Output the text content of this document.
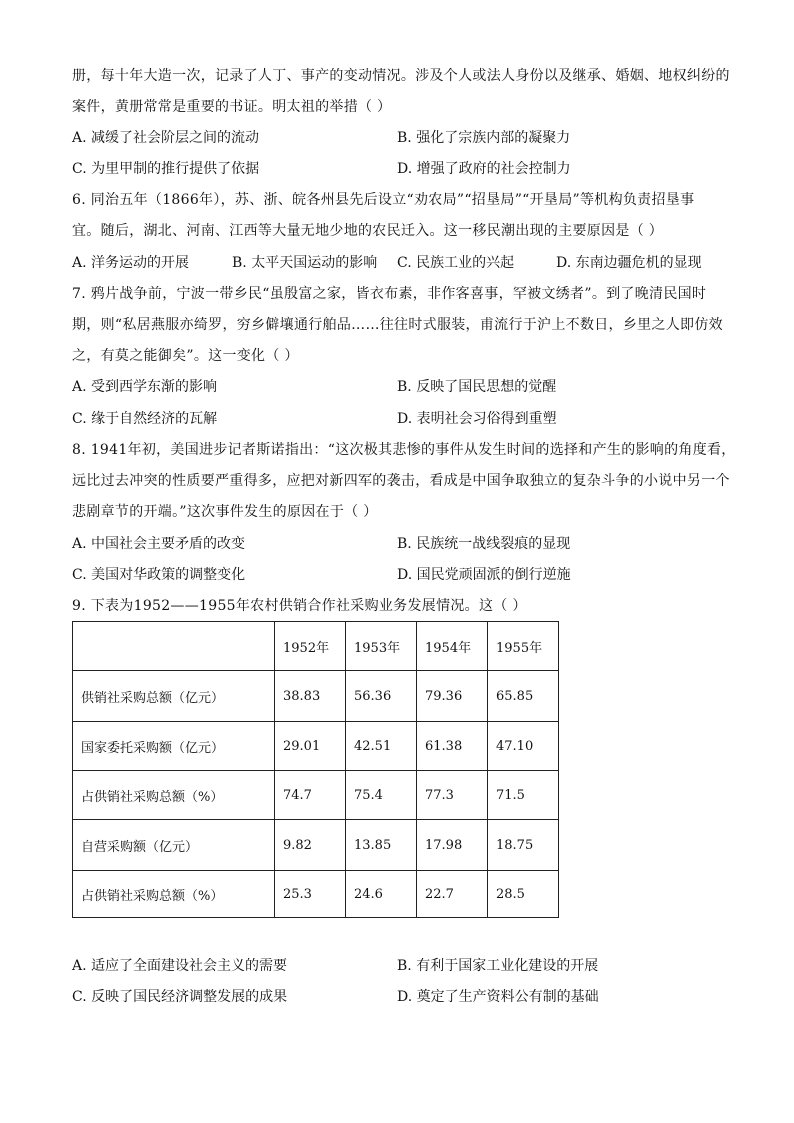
册，每十年大造一次，记录了人丁、事产的变动情况。涉及个人或法人身份以及继承、婚姻、地权纠纷的
案件，黄册常常是重要的书证。明太祖的举措（ ）
A. 减缓了社会阶层之间的流动	B. 强化了宗族内部的凝聚力
C. 为里甲制的推行提供了依据	D. 增强了政府的社会控制力
6. 同治五年（1866年），苏、浙、皖各州县先后设立“劝农局”“招垦局”“开垦局”等机构负责招垦事
宜。随后，湖北、河南、江西等大量无地少地的农民迁入。这一移民潮出现的主要原因是（ ）
A. 洋务运动的开展	B. 太平天国运动的影响 C. 民族工业的兴起	D. 东南边疆危机的显现
7. 鸦片战争前，宁波一带乡民“虽殷富之家，皆衣布素，非作客喜事，罕被文绣者”。到了晚清民国时
期，则“私居燕服亦绮罗，穷乡僻壤通行舶品……往往时式服装，甫流行于沪上不数日，乡里之人即仿效
之，有莫之能御矣”。这一变化（ ）
A. 受到西学东渐的影响	B. 反映了国民思想的觉醒
C. 缘于自然经济的瓦解	D. 表明社会习俗得到重塑
8. 1941年初，美国进步记者斯诺指出：“这次极其悲惨的事件从发生时间的选择和产生的影响的角度看，
远比过去冲突的性质要严重得多，应把对新四军的袭击，看成是中国争取独立的复杂斗争的小说中另一个
悲剧章节的开端。”这次事件发生的原因在于（ ）
A. 中国社会主要矛盾的改变	B. 民族统一战线裂痕的显现
C. 美国对华政策的调整变化	D. 国民党顽固派的倒行逆施
9. 下表为1952——1955年农村供销合作社采购业务发展情况。这（ ）
	1952年	1953年	1954年	1955年
供销社采购总额（亿元）	38.83	56.36	79.36	65.85
国家委托采购额（亿元）	29.01	42.51	61.38	47.10
占供销社采购总额（%）	74.7	75.4	77.3	71.5
自营采购额（亿元）	9.82	13.85	17.98	18.75
占供销社采购总额（%）	25.3	24.6	22.7	28.5
A. 适应了全面建设社会主义的需要	B. 有利于国家工业化建设的开展
C. 反映了国民经济调整发展的成果	D. 奠定了生产资料公有制的基础
